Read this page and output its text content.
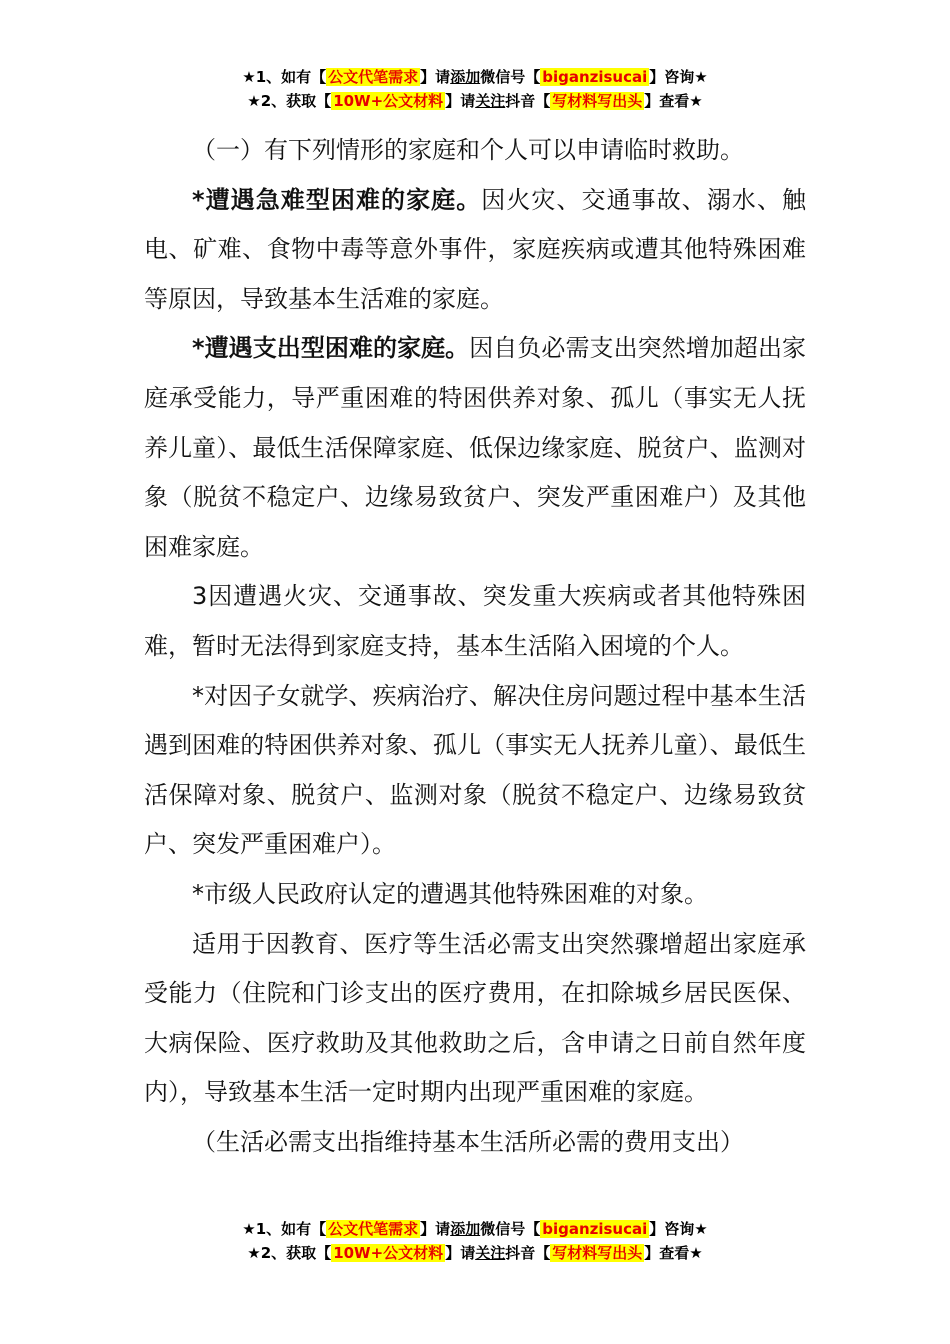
★1、如有【 公文代笔需求 】请添加微信号【 biganzisucai 】咨询★
★2、获取【 10W+公文材料 】请关注抖音【 写材料写出头 】查看★

（一）有下列情形的家庭和个人可以申请临时救助。

*遭遇急难型困难的家庭。因火灾、交通事故、溺水、触电、矿难、食物中毒等意外事件，家庭疾病或遭其他特殊困难等原因，导致基本生活难的家庭。

*遭遇支出型困难的家庭。因自负必需支出突然增加超出家庭承受能力，导严重困难的特困供养对象、孤儿（事实无人抚养儿童）、最低生活保障家庭、低保边缘家庭、脱贫户、监测对象（脱贫不稳定户、边缘易致贫户、突发严重困难户）及其他困难家庭。

3因遭遇火灾、交通事故、突发重大疾病或者其他特殊困难，暂时无法得到家庭支持，基本生活陷入困境的个人。

*对因子女就学、疾病治疗、解决住房问题过程中基本生活遇到困难的特困供养对象、孤儿（事实无人抚养儿童）、最低生活保障对象、脱贫户、监测对象（脱贫不稳定户、边缘易致贫户、突发严重困难户）。

*市级人民政府认定的遭遇其他特殊困难的对象。

适用于因教育、医疗等生活必需支出突然骤增超出家庭承受能力（住院和门诊支出的医疗费用，在扣除城乡居民医保、大病保险、医疗救助及其他救助之后，含申请之日前自然年度内），导致基本生活一定时期内出现严重困难的家庭。

（生活必需支出指维持基本生活所必需的费用支出）

★1、如有【 公文代笔需求 】请添加微信号【 biganzisucai 】咨询★
★2、获取【 10W+公文材料 】请关注抖音【 写材料写出头 】查看★
